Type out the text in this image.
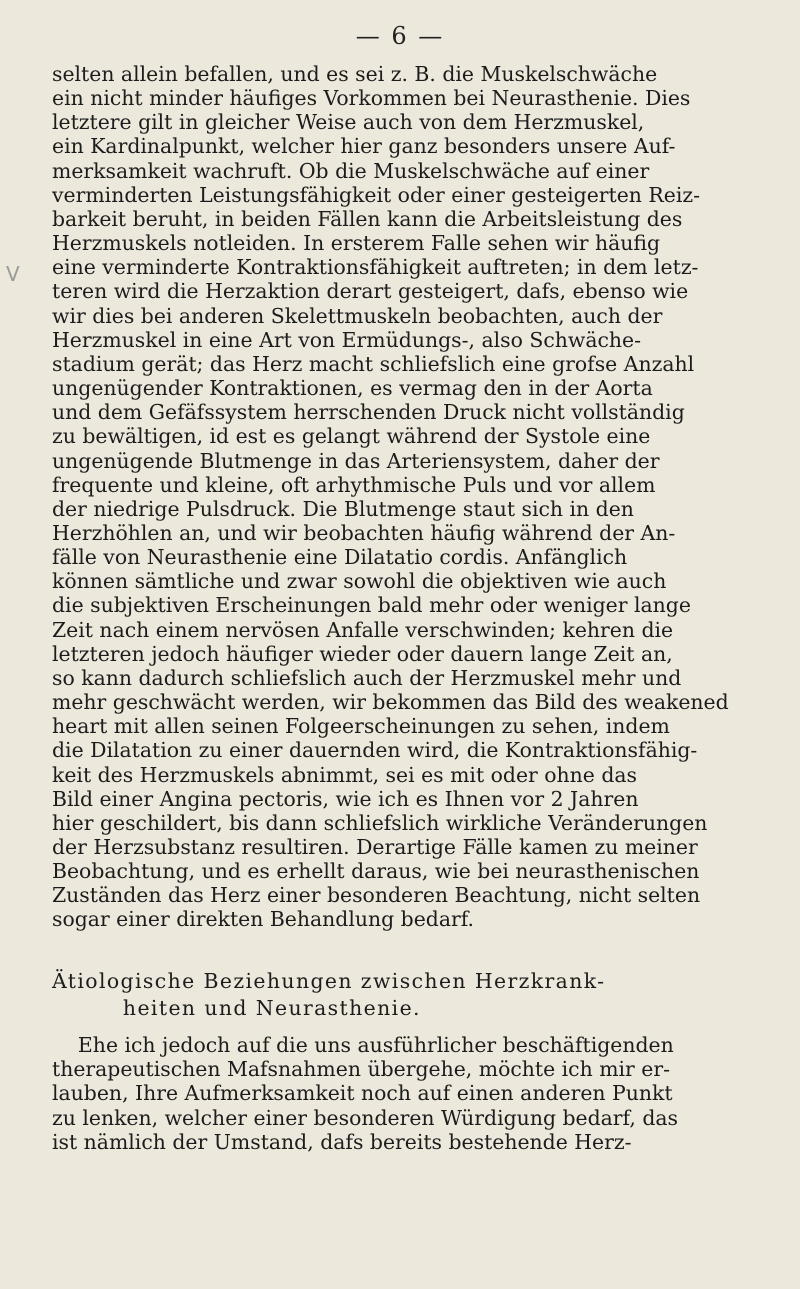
— 6 —
V
selten allein befallen, und es sei z. B. die Muskelschwäche
ein nicht minder häufiges Vorkommen bei Neurasthenie. Dies
letztere gilt in gleicher Weise auch von dem Herzmuskel,
ein Kardinalpunkt, welcher hier ganz besonders unsere Auf-
merksamkeit wachruft. Ob die Muskelschwäche auf einer
verminderten Leistungsfähigkeit oder einer gesteigerten Reiz-
barkeit beruht, in beiden Fällen kann die Arbeitsleistung des
Herzmuskels notleiden. In ersterem Falle sehen wir häufig
eine verminderte Kontraktionsfähigkeit auftreten; in dem letz-
teren wird die Herzaktion derart gesteigert, dafs, ebenso wie
wir dies bei anderen Skelettmuskeln beobachten, auch der
Herzmuskel in eine Art von Ermüdungs-, also Schwäche-
stadium gerät; das Herz macht schliefslich eine grofse Anzahl
ungenügender Kontraktionen, es vermag den in der Aorta
und dem Gefäfssystem herrschenden Druck nicht vollständig
zu bewältigen, id est es gelangt während der Systole eine
ungenügende Blutmenge in das Arteriensystem, daher der
frequente und kleine, oft arhythmische Puls und vor allem
der niedrige Pulsdruck. Die Blutmenge staut sich in den
Herzhöhlen an, und wir beobachten häufig während der An-
fälle von Neurasthenie eine Dilatatio cordis. Anfänglich
können sämtliche und zwar sowohl die objektiven wie auch
die subjektiven Erscheinungen bald mehr oder weniger lange
Zeit nach einem nervösen Anfalle verschwinden; kehren die
letzteren jedoch häufiger wieder oder dauern lange Zeit an,
so kann dadurch schliefslich auch der Herzmuskel mehr und
mehr geschwächt werden, wir bekommen das Bild des weakened
heart mit allen seinen Folgeerscheinungen zu sehen, indem
die Dilatation zu einer dauernden wird, die Kontraktionsfähig-
keit des Herzmuskels abnimmt, sei es mit oder ohne das
Bild einer Angina pectoris, wie ich es Ihnen vor 2 Jahren
hier geschildert, bis dann schliefslich wirkliche Veränderungen
der Herzsubstanz resultiren. Derartige Fälle kamen zu meiner
Beobachtung, und es erhellt daraus, wie bei neurasthenischen
Zuständen das Herz einer besonderen Beachtung, nicht selten
sogar einer direkten Behandlung bedarf.
Ätiologische Beziehungen zwischen Herzkrank-
heiten und Neurasthenie.
Ehe ich jedoch auf die uns ausführlicher beschäftigenden
therapeutischen Mafsnahmen übergehe, möchte ich mir er-
lauben, Ihre Aufmerksamkeit noch auf einen anderen Punkt
zu lenken, welcher einer besonderen Würdigung bedarf, das
ist nämlich der Umstand, dafs bereits bestehende Herz-
